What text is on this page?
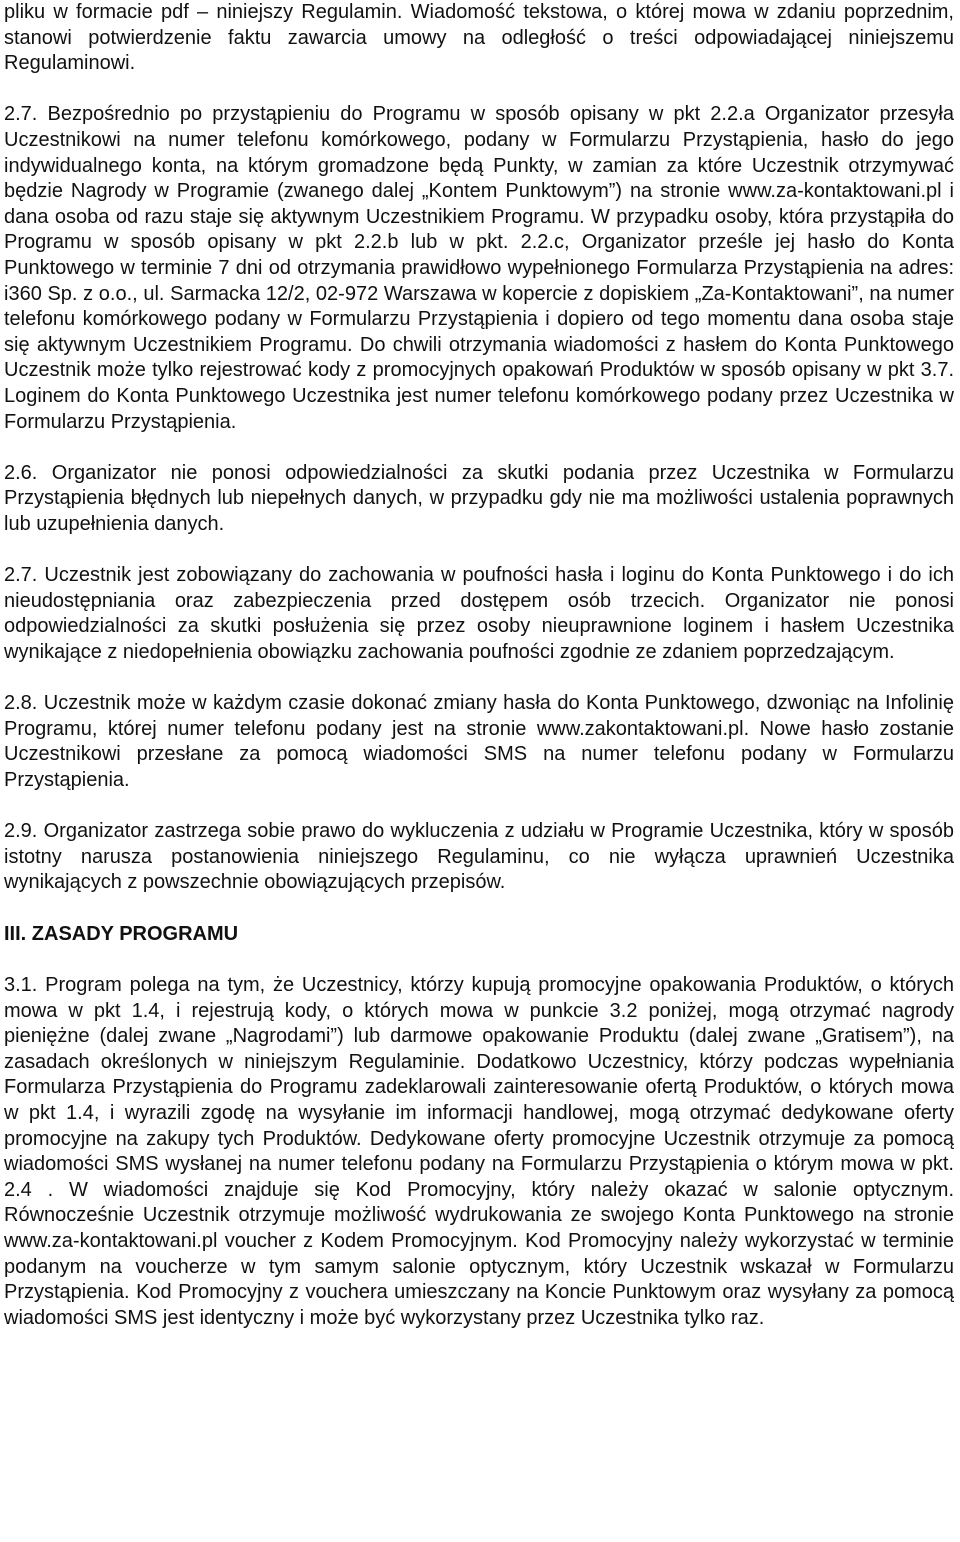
pliku w formacie pdf – niniejszy Regulamin. Wiadomość tekstowa, o której mowa w zdaniu poprzednim, stanowi potwierdzenie faktu zawarcia umowy na odległość o treści odpowiadającej niniejszemu Regulaminowi.

2.7. Bezpośrednio po przystąpieniu do Programu w sposób opisany w pkt 2.2.a Organizator przesyła Uczestnikowi na numer telefonu komórkowego, podany w Formularzu Przystąpienia, hasło do jego indywidualnego konta, na którym gromadzone będą Punkty, w zamian za które Uczestnik otrzymywać będzie Nagrody w Programie (zwanego dalej „Kontem Punktowym”) na stronie www.za-kontaktowani.pl i dana osoba od razu staje się aktywnym Uczestnikiem Programu. W przypadku osoby, która przystąpiła do Programu w sposób opisany w pkt 2.2.b lub w pkt. 2.2.c, Organizator prześle jej hasło do Konta Punktowego w terminie 7 dni od otrzymania prawidłowo wypełnionego Formularza Przystąpienia na adres: i360 Sp. z o.o., ul. Sarmacka 12/2, 02-972 Warszawa w kopercie z dopiskiem „Za-Kontaktowani”, na numer telefonu komórkowego podany w Formularzu Przystąpienia i dopiero od tego momentu dana osoba staje się aktywnym Uczestnikiem Programu. Do chwili otrzymania wiadomości z hasłem do Konta Punktowego Uczestnik może tylko rejestrować kody z promocyjnych opakowań Produktów w sposób opisany w pkt 3.7. Loginem do Konta Punktowego Uczestnika jest numer telefonu komórkowego podany przez Uczestnika w Formularzu Przystąpienia.

2.6. Organizator nie ponosi odpowiedzialności za skutki podania przez Uczestnika w Formularzu Przystąpienia błędnych lub niepełnych danych, w przypadku gdy nie ma możliwości ustalenia poprawnych lub uzupełnienia danych.

2.7. Uczestnik jest zobowiązany do zachowania w poufności hasła i loginu do Konta Punktowego i do ich nieudostępniania oraz zabezpieczenia przed dostępem osób trzecich. Organizator nie ponosi odpowiedzialności za skutki posłużenia się przez osoby nieuprawnione loginem i hasłem Uczestnika wynikające z niedopełnienia obowiązku zachowania poufności zgodnie ze zdaniem poprzedzającym.

2.8. Uczestnik może w każdym czasie dokonać zmiany hasła do Konta Punktowego, dzwoniąc na Infolinię Programu, której numer telefonu podany jest na stronie www.zakontaktowani.pl. Nowe hasło zostanie Uczestnikowi przesłane za pomocą wiadomości SMS na numer telefonu podany w Formularzu Przystąpienia.

2.9. Organizator zastrzega sobie prawo do wykluczenia z udziału w Programie Uczestnika, który w sposób istotny narusza postanowienia niniejszego Regulaminu, co nie wyłącza uprawnień Uczestnika wynikających z powszechnie obowiązujących przepisów.

III. ZASADY PROGRAMU

3.1. Program polega na tym, że Uczestnicy, którzy kupują promocyjne opakowania Produktów, o których mowa w pkt 1.4, i rejestrują kody, o których mowa w punkcie 3.2 poniżej, mogą otrzymać nagrody pieniężne (dalej zwane „Nagrodami”) lub darmowe opakowanie Produktu (dalej zwane „Gratisem”), na zasadach określonych w niniejszym Regulaminie. Dodatkowo Uczestnicy, którzy podczas wypełniania Formularza Przystąpienia do Programu zadeklarowali zainteresowanie ofertą Produktów, o których mowa w pkt 1.4, i wyrazili zgodę na wysyłanie im informacji handlowej, mogą otrzymać dedykowane oferty promocyjne na zakupy tych Produktów. Dedykowane oferty promocyjne Uczestnik otrzymuje za pomocą wiadomości SMS wysłanej na numer telefonu podany na Formularzu Przystąpienia o którym mowa w pkt. 2.4 . W wiadomości znajduje się Kod Promocyjny, który należy okazać w salonie optycznym. Równocześnie Uczestnik otrzymuje możliwość wydrukowania ze swojego Konta Punktowego na stronie www.za-kontaktowani.pl voucher z Kodem Promocyjnym. Kod Promocyjny należy wykorzystać w terminie podanym na voucherze w tym samym salonie optycznym, który Uczestnik wskazał w Formularzu Przystąpienia. Kod Promocyjny z vouchera umieszczany na Koncie Punktowym oraz wysyłany za pomocą wiadomości SMS jest identyczny i może być wykorzystany przez Uczestnika tylko raz.
